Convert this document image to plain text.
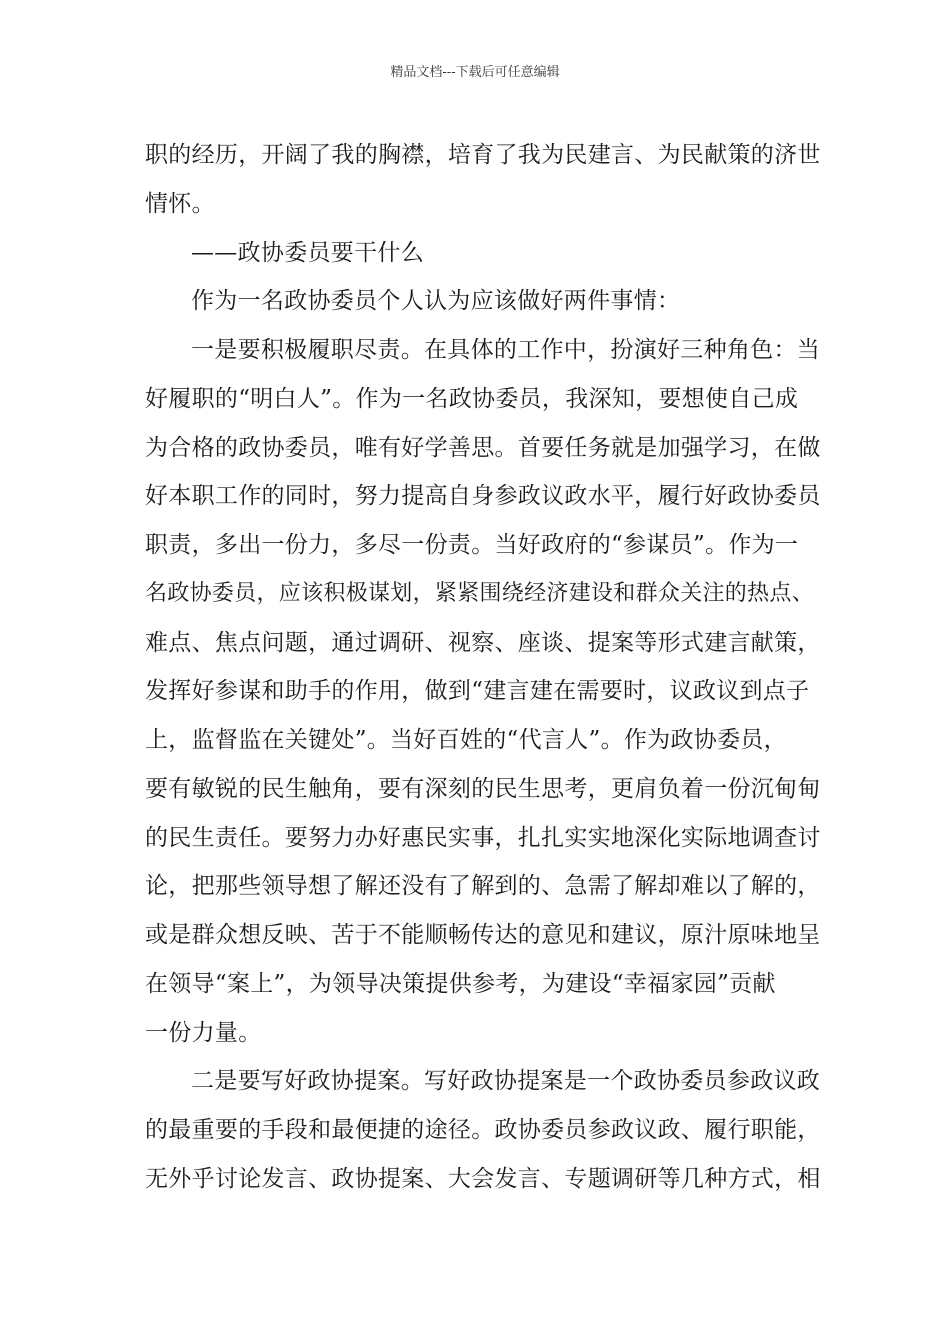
精品文档---下载后可任意编辑
职的经历，开阔了我的胸襟，培育了我为民建言、为民献策的济世
情怀。
——政协委员要干什么
作为一名政协委员个人认为应该做好两件事情：
一是要积极履职尽责。在具体的工作中，扮演好三种角色：当
好履职的“明白人”。作为一名政协委员，我深知，要想使自己成
为合格的政协委员，唯有好学善思。首要任务就是加强学习，在做
好本职工作的同时，努力提高自身参政议政水平，履行好政协委员
职责，多出一份力，多尽一份责。当好政府的“参谋员”。作为一
名政协委员，应该积极谋划，紧紧围绕经济建设和群众关注的热点、
难点、焦点问题，通过调研、视察、座谈、提案等形式建言献策，
发挥好参谋和助手的作用，做到“建言建在需要时，议政议到点子
上，监督监在关键处”。当好百姓的“代言人”。作为政协委员，
要有敏锐的民生触角，要有深刻的民生思考，更肩负着一份沉甸甸
的民生责任。要努力办好惠民实事，扎扎实实地深化实际地调查讨
论，把那些领导想了解还没有了解到的、急需了解却难以了解的，
或是群众想反映、苦于不能顺畅传达的意见和建议，原汁原味地呈
在领导“案上”，为领导决策提供参考，为建设“幸福家园”贡献
一份力量。
二是要写好政协提案。写好政协提案是一个政协委员参政议政
的最重要的手段和最便捷的途径。政协委员参政议政、履行职能，
无外乎讨论发言、政协提案、大会发言、专题调研等几种方式，相
